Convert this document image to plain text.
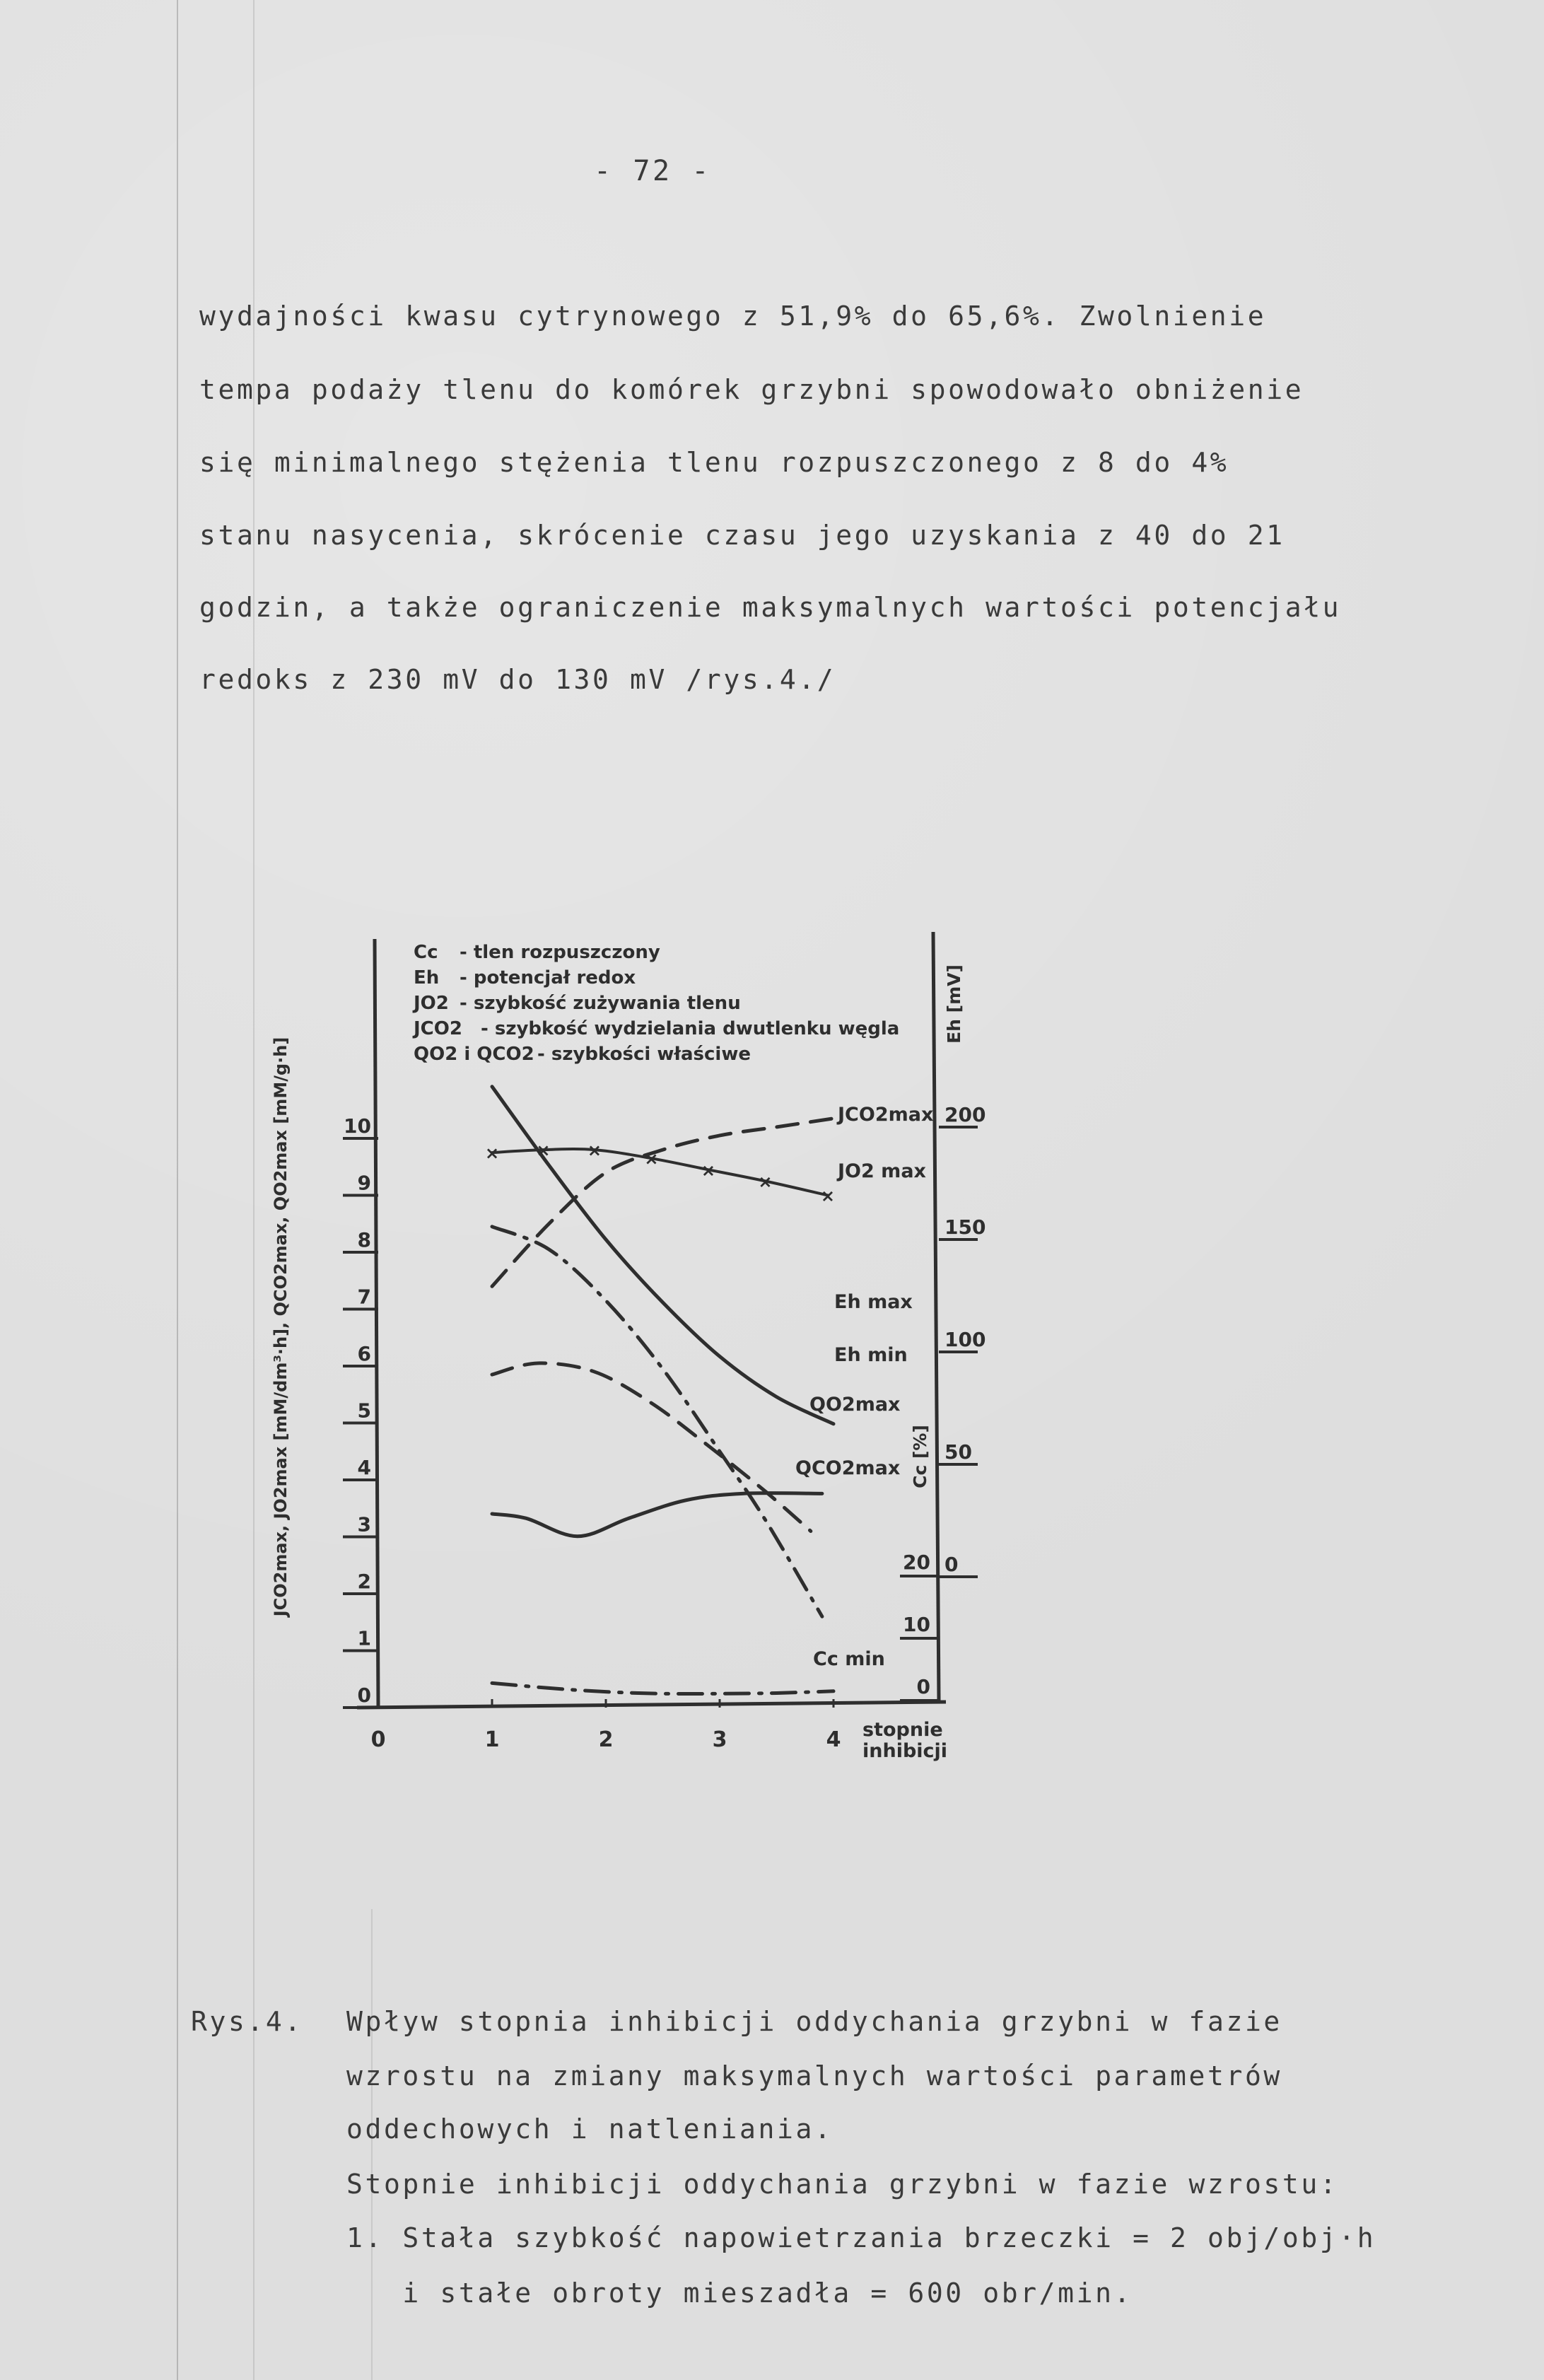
- 72 -
wydajności kwasu cytrynowego z 51,9% do 65,6%. Zwolnienie
tempa podaży tlenu do komórek grzybni spowodowało obniżenie
się minimalnego stężenia tlenu rozpuszczonego z 8 do 4%
stanu nasycenia, skrócenie czasu jego uzyskania z 40 do 21
godzin, a także ograniczenie maksymalnych wartości potencjału
redoks z 230 mV do 130 mV /rys.4./
0
1
2
3
4
5
6
7
8
9
10
JCO2max, JO2max [mM/dm³·h], QCO2max, QO2max [mM/g·h]
0	1	2	3	4 stopnie
inhibicji
0
50
100
150
200
Eh [mV]
0
10
20
Cc [%]
Cc - tlen rozpuszczony
Eh - potencjał redox
JO2 - szybkość zużywania tlenu
JCO2 - szybkość wydzielania dwutlenku węgla
QO2 i QCO2 - szybkości właściwe
× × ×	×
×
×
×
JO2 max
JCO2max
Eh max
Eh min
QO2max
QCO2max
Cc min
Rys.4. Wpływ stopnia inhibicji oddychania grzybni w fazie
wzrostu na zmiany maksymalnych wartości parametrów
oddechowych i natleniania.
Stopnie inhibicji oddychania grzybni w fazie wzrostu:
1. Stała szybkość napowietrzania brzeczki = 2 obj/obj·h
i stałe obroty mieszadła = 600 obr/min.
